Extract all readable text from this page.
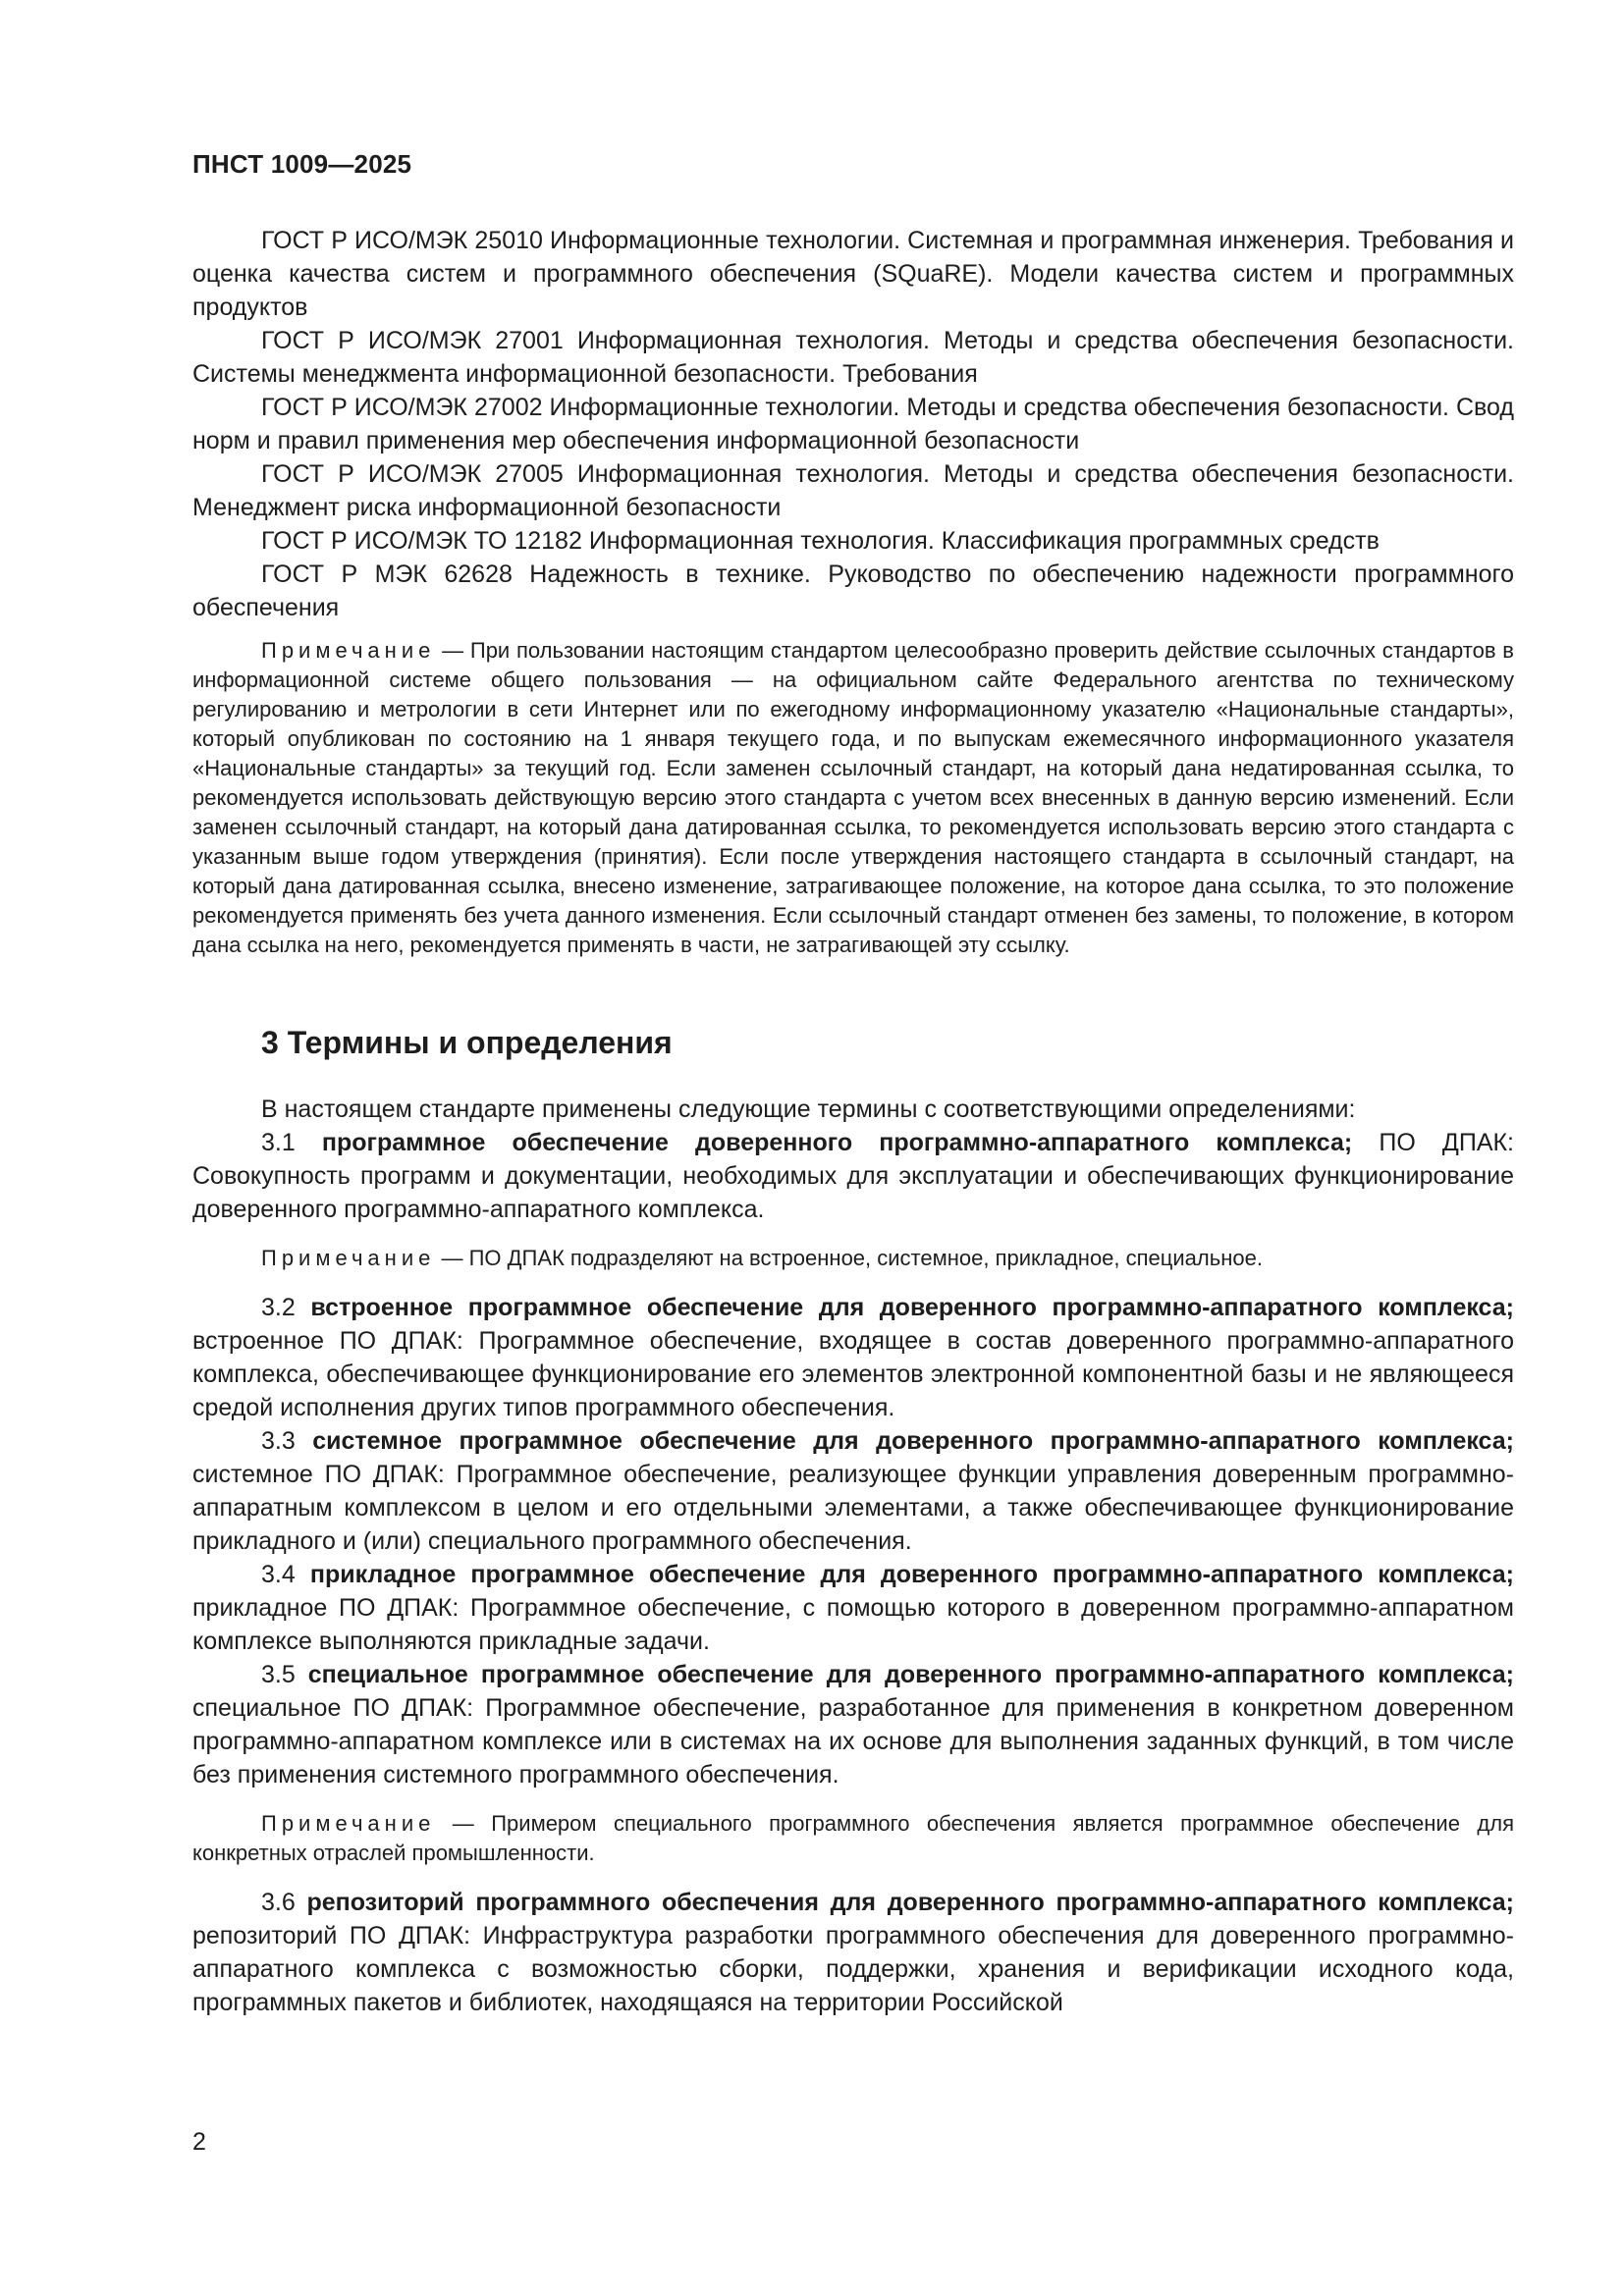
ПНСТ 1009—2025

ГОСТ Р ИСО/МЭК 25010 Информационные технологии. Системная и программная инженерия. Требования и оценка качества систем и программного обеспечения (SQuaRE). Модели качества систем и программных продуктов

ГОСТ Р ИСО/МЭК 27001 Информационная технология. Методы и средства обеспечения безопасности. Системы менеджмента информационной безопасности. Требования

ГОСТ Р ИСО/МЭК 27002 Информационные технологии. Методы и средства обеспечения безопасности. Свод норм и правил применения мер обеспечения информационной безопасности

ГОСТ Р ИСО/МЭК 27005 Информационная технология. Методы и средства обеспечения безопасности. Менеджмент риска информационной безопасности

ГОСТ Р ИСО/МЭК ТО 12182 Информационная технология. Классификация программных средств

ГОСТ Р МЭК 62628 Надежность в технике. Руководство по обеспечению надежности программного обеспечения

Примечание — При пользовании настоящим стандартом целесообразно проверить действие ссылочных стандартов в информационной системе общего пользования — на официальном сайте Федерального агентства по техническому регулированию и метрологии в сети Интернет или по ежегодному информационному указателю «Национальные стандарты», который опубликован по состоянию на 1 января текущего года, и по выпускам ежемесячного информационного указателя «Национальные стандарты» за текущий год. Если заменен ссылочный стандарт, на который дана недатированная ссылка, то рекомендуется использовать действующую версию этого стандарта с учетом всех внесенных в данную версию изменений. Если заменен ссылочный стандарт, на который дана датированная ссылка, то рекомендуется использовать версию этого стандарта с указанным выше годом утверждения (принятия). Если после утверждения настоящего стандарта в ссылочный стандарт, на который дана датированная ссылка, внесено изменение, затрагивающее положение, на которое дана ссылка, то это положение рекомендуется применять без учета данного изменения. Если ссылочный стандарт отменен без замены, то положение, в котором дана ссылка на него, рекомендуется применять в части, не затрагивающей эту ссылку.

3 Термины и определения

В настоящем стандарте применены следующие термины с соответствующими определениями:

3.1 программное обеспечение доверенного программно-аппаратного комплекса; ПО ДПАК: Совокупность программ и документации, необходимых для эксплуатации и обеспечивающих функционирование доверенного программно-аппаратного комплекса.

Примечание — ПО ДПАК подразделяют на встроенное, системное, прикладное, специальное.

3.2 встроенное программное обеспечение для доверенного программно-аппаратного комплекса; встроенное ПО ДПАК: Программное обеспечение, входящее в состав доверенного программно-аппаратного комплекса, обеспечивающее функционирование его элементов электронной компонентной базы и не являющееся средой исполнения других типов программного обеспечения.

3.3 системное программное обеспечение для доверенного программно-аппаратного комплекса; системное ПО ДПАК: Программное обеспечение, реализующее функции управления доверенным программно-аппаратным комплексом в целом и его отдельными элементами, а также обеспечивающее функционирование прикладного и (или) специального программного обеспечения.

3.4 прикладное программное обеспечение для доверенного программно-аппаратного комплекса; прикладное ПО ДПАК: Программное обеспечение, с помощью которого в доверенном программно-аппаратном комплексе выполняются прикладные задачи.

3.5 специальное программное обеспечение для доверенного программно-аппаратного комплекса; специальное ПО ДПАК: Программное обеспечение, разработанное для применения в конкретном доверенном программно-аппаратном комплексе или в системах на их основе для выполнения заданных функций, в том числе без применения системного программного обеспечения.

Примечание — Примером специального программного обеспечения является программное обеспечение для конкретных отраслей промышленности.

3.6 репозиторий программного обеспечения для доверенного программно-аппаратного комплекса; репозиторий ПО ДПАК: Инфраструктура разработки программного обеспечения для доверенного программно-аппаратного комплекса с возможностью сборки, поддержки, хранения и верификации исходного кода, программных пакетов и библиотек, находящаяся на территории Российской

2
